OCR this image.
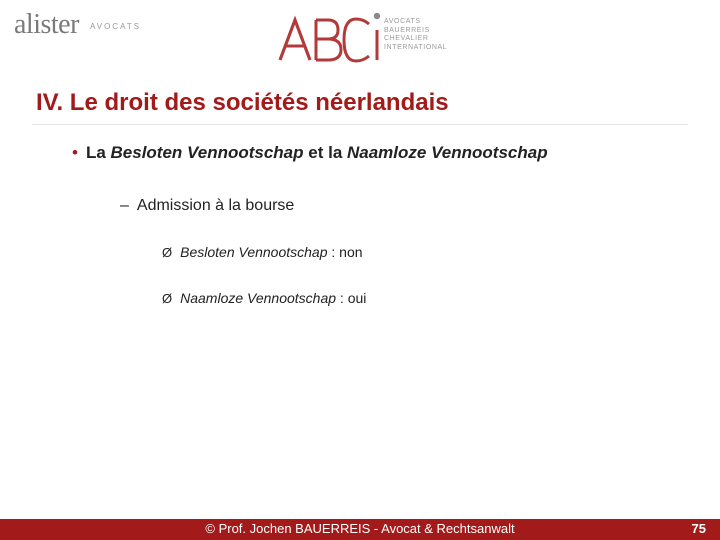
alister AVOCATS
AVOCATS
BAUERREIS
CHEVALIER
INTERNATIONAL
IV. Le droit des sociétés néerlandais
• La Besloten Vennootschap et la Naamloze Vennootschap
– Admission à la bourse
Ø Besloten Vennootschap : non
Ø Naamloze Vennootschap : oui
© Prof. Jochen BAUERREIS - Avocat & Rechtsanwalt	75
